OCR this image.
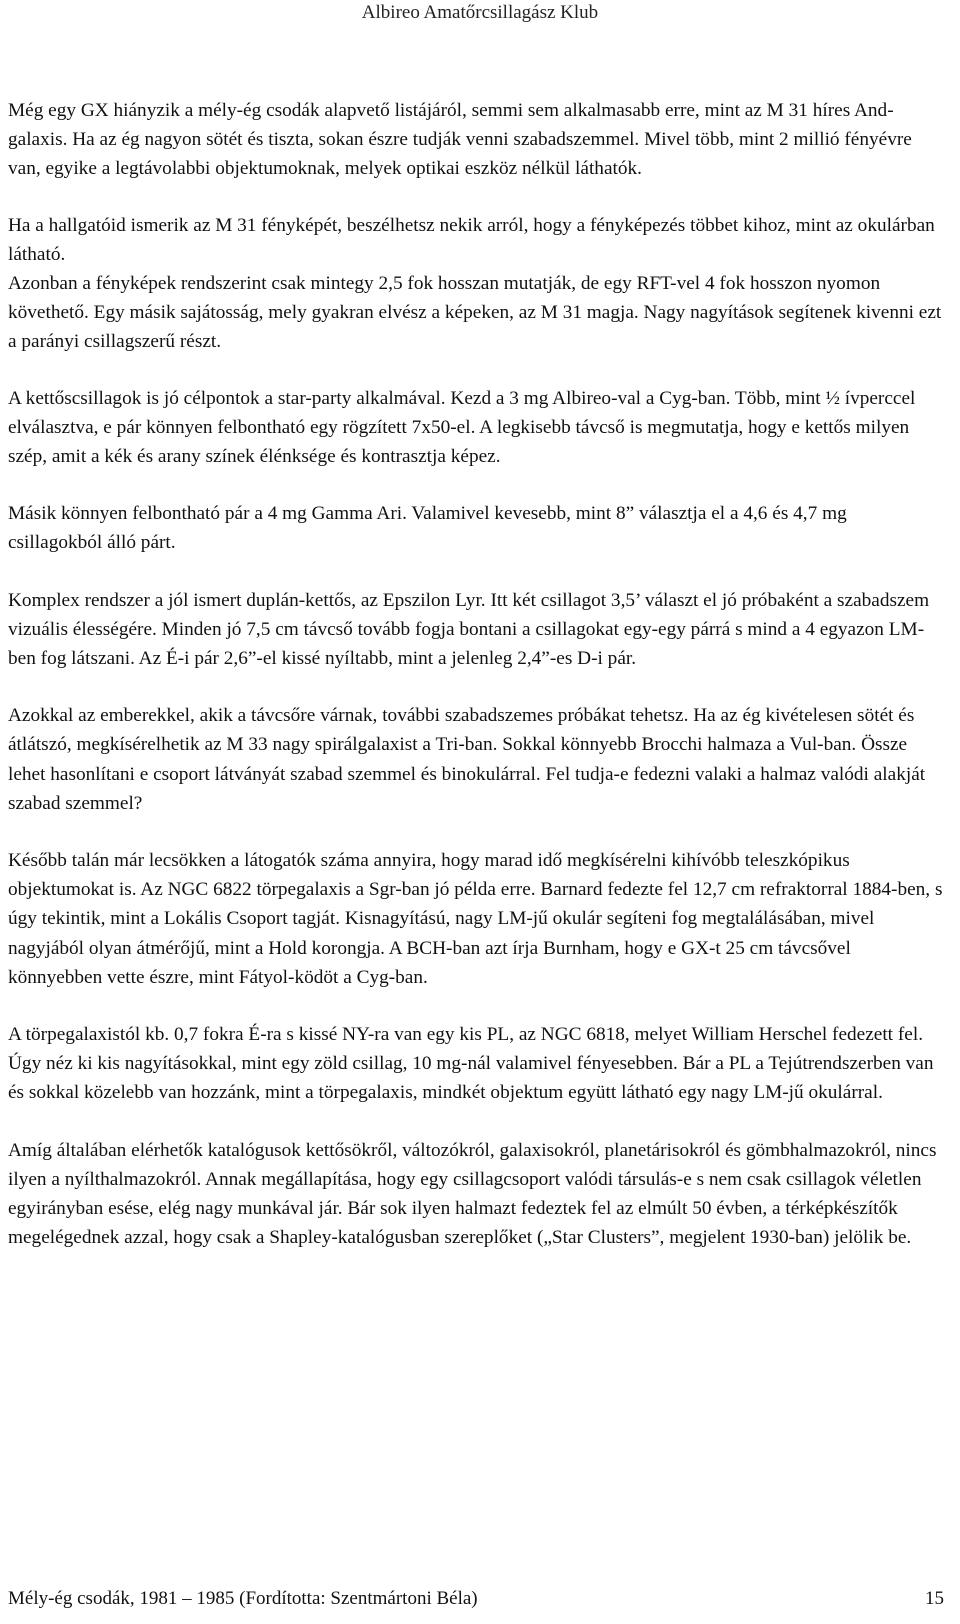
Albireo Amatőrcsillagász Klub

Még egy GX hiányzik a mély-ég csodák alapvető listájáról, semmi sem alkalmasabb erre, mint az M 31 híres And-galaxis. Ha az ég nagyon sötét és tiszta, sokan észre tudják venni szabadszemmel. Mivel több, mint 2 millió fényévre van, egyike a legtávolabbi objektumoknak, melyek optikai eszköz nélkül láthatók.

Ha a hallgatóid ismerik az M 31 fényképét, beszélhetsz nekik arról, hogy a fényképezés többet kihoz, mint az okulárban látható.

Azonban a fényképek rendszerint csak mintegy 2,5 fok hosszan mutatják, de egy RFT-vel 4 fok hosszon nyomon követhető. Egy másik sajátosság, mely gyakran elvész a képeken, az M 31 magja. Nagy nagyítások segítenek kivenni ezt a parányi csillagszerű részt.

A kettőscsillagok is jó célpontok a star-party alkalmával. Kezd a 3 mg Albireo-val a Cyg-ban. Több, mint ½ ívperccel elválasztva, e pár könnyen felbontható egy rögzített 7x50-el. A legkisebb távcső is megmutatja, hogy e kettős milyen szép, amit a kék és arany színek élénksége és kontrasztja képez.

Másik könnyen felbontható pár a 4 mg Gamma Ari. Valamivel kevesebb, mint 8” választja el a 4,6 és 4,7 mg csillagokból álló párt.

Komplex rendszer a jól ismert duplán-kettős, az Epszilon Lyr. Itt két csillagot 3,5’ választ el jó próbaként a szabadszem vizuális élességére. Minden jó 7,5 cm távcső tovább fogja bontani a csillagokat egy-egy párrá s mind a 4 egyazon LM-ben fog látszani. Az É-i pár 2,6”-el kissé nyíltabb, mint a jelenleg 2,4”-es D-i pár.

Azokkal az emberekkel, akik a távcsőre várnak, további szabadszemes próbákat tehetsz. Ha az ég kivételesen sötét és átlátszó, megkísérelhetik az M 33 nagy spirálgalaxist a Tri-ban. Sokkal könnyebb Brocchi halmaza a Vul-ban. Össze lehet hasonlítani e csoport látványát szabad szemmel és binokulárral. Fel tudja-e fedezni valaki a halmaz valódi alakját szabad szemmel?

Később talán már lecsökken a látogatók száma annyira, hogy marad idő megkísérelni kihívóbb teleszkópikus objektumokat is. Az NGC 6822 törpegalaxis a Sgr-ban jó példa erre. Barnard fedezte fel 12,7 cm refraktorral 1884-ben, s úgy tekintik, mint a Lokális Csoport tagját. Kisnagyítású, nagy LM-jű okulár segíteni fog megtalálásában, mivel nagyjából olyan átmérőjű, mint a Hold korongja. A BCH-ban azt írja Burnham, hogy e GX-t 25 cm távcsővel könnyebben vette észre, mint Fátyol-ködöt a Cyg-ban.

A törpegalaxistól kb. 0,7 fokra É-ra s kissé NY-ra van egy kis PL, az NGC 6818, melyet William Herschel fedezett fel. Úgy néz ki kis nagyításokkal, mint egy zöld csillag, 10 mg-nál valamivel fényesebben. Bár a PL a Tejútrendszerben van és sokkal közelebb van hozzánk, mint a törpegalaxis, mindkét objektum együtt látható egy nagy LM-jű okulárral.

Amíg általában elérhetők katalógusok kettősökről, változókról, galaxisokról, planetárisokról és gömbhalmazokról, nincs ilyen a nyílthalmazokról. Annak megállapítása, hogy egy csillagcsoport valódi társulás-e s nem csak csillagok véletlen egyirányban esése, elég nagy munkával jár. Bár sok ilyen halmazt fedeztek fel az elmúlt 50 évben, a térképkészítők megelégednek azzal, hogy csak a Shapley-katalógusban szereplőket („Star Clusters”, megjelent 1930-ban) jelölik be.

Mély-ég csodák, 1981 – 1985 (Fordította: Szentmártoni Béla)	15
